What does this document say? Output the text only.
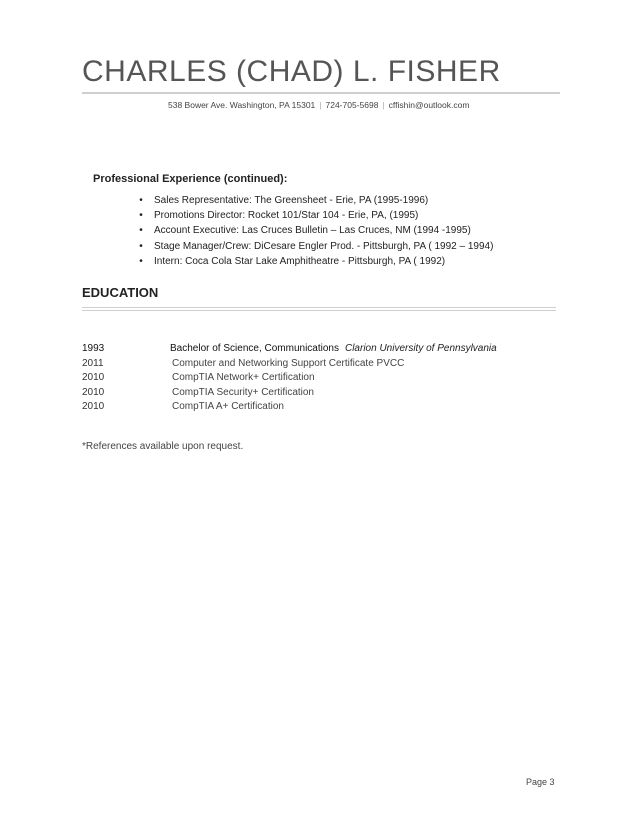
CHARLES (CHAD) L. FISHER
538 Bower Ave. Washington, PA 15301 | 724-705-5698 | cffishin@outlook.com
Professional Experience (continued):
•	Sales Representative: The Greensheet - Erie, PA (1995-1996)
•	Promotions Director: Rocket 101/Star 104 - Erie, PA, (1995)
•	Account Executive: Las Cruces Bulletin – Las Cruces, NM (1994 -1995)
•	Stage Manager/Crew: DiCesare Engler Prod. - Pittsburgh, PA ( 1992 – 1994)
•	Intern: Coca Cola Star Lake Amphitheatre - Pittsburgh, PA ( 1992)
EDUCATION
1993	Bachelor of Science, Communications Clarion University of Pennsylvania
2011	Computer and Networking Support Certificate PVCC
2010	CompTIA Network+ Certification
2010	CompTIA Security+ Certification
2010	CompTIA A+ Certification
*References available upon request.
Page 3
